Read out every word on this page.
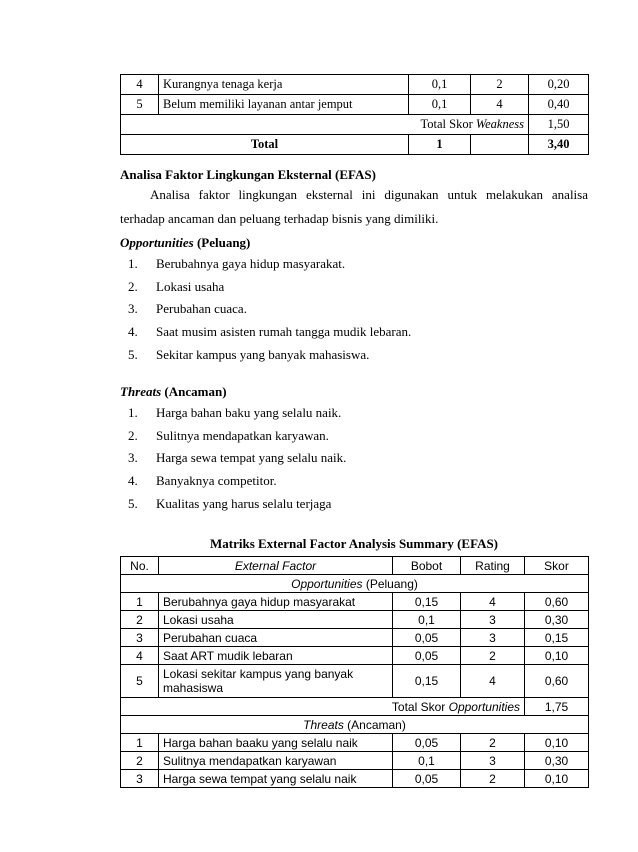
4	Kurangnya tenaga kerja	0,1	2	0,20
5	Belum memiliki layanan antar jemput	0,1	4	0,40
Total Skor Weakness				1,50
Total		1		3,40
Analisa Faktor Lingkungan Eksternal (EFAS)
Analisa faktor lingkungan eksternal ini digunakan untuk melakukan analisa
terhadap ancaman dan peluang terhadap bisnis yang dimiliki.
Opportunities (Peluang)
1. Berubahnya gaya hidup masyarakat.
2. Lokasi usaha
3. Perubahan cuaca.
4. Saat musim asisten rumah tangga mudik lebaran.
5. Sekitar kampus yang banyak mahasiswa.
Threats (Ancaman)
1. Harga bahan baku yang selalu naik.
2. Sulitnya mendapatkan karyawan.
3. Harga sewa tempat yang selalu naik.
4. Banyaknya competitor.
5. Kualitas yang harus selalu terjaga
Matriks External Factor Analysis Summary (EFAS)
No.	External Factor	Bobot	Rating	Skor
Opportunities (Peluang)				
1	Berubahnya gaya hidup masyarakat	0,15	4	0,60
2	Lokasi usaha	0,1	3	0,30
3	Perubahan cuaca	0,05	3	0,15
4	Saat ART mudik lebaran	0,05	2	0,10
5	Lokasi sekitar kampus yang banyak
mahasiswa	0,15	4	0,60
Total Skor Opportunities				1,75
Threats (Ancaman)				
1	Harga bahan baaku yang selalu naik	0,05	2	0,10
2	Sulitnya mendapatkan karyawan	0,1	3	0,30
3	Harga sewa tempat yang selalu naik	0,05	2	0,10
